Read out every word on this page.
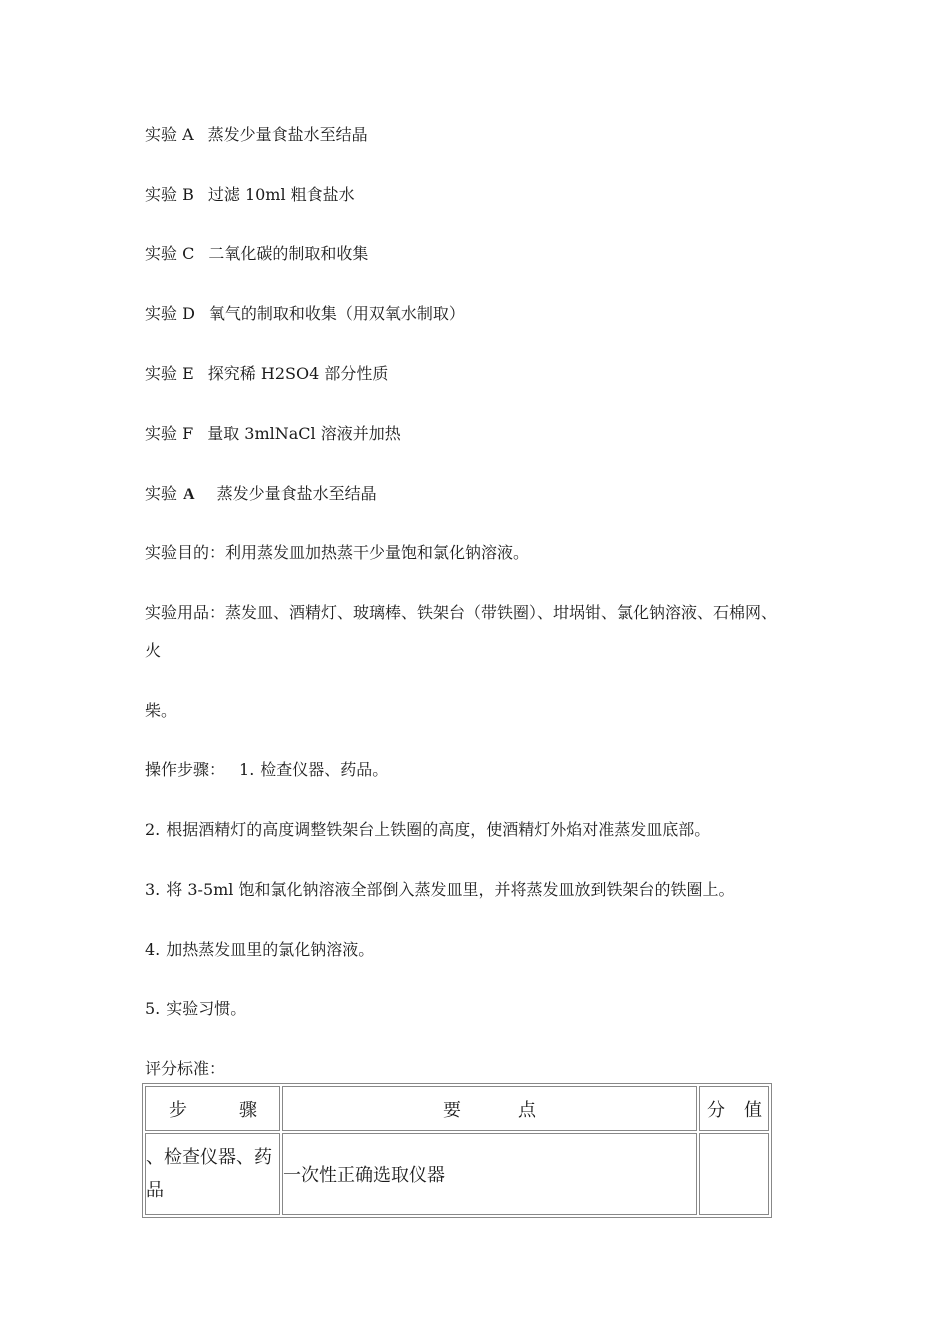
实验 A 蒸发少量食盐水至结晶
实验 B 过滤 10ml 粗食盐水
实验 C 二氧化碳的制取和收集
实验 D 氧气的制取和收集（用双氧水制取）
实验 E 探究稀 H2SO4 部分性质
实验 F 量取 3mlNaCl 溶液并加热
实验 A 蒸发少量食盐水至结晶
实验目的：利用蒸发皿加热蒸干少量饱和氯化钠溶液。
实验用品：蒸发皿、酒精灯、玻璃棒、铁架台（带铁圈）、坩埚钳、氯化钠溶液、石棉网、
火
柴。
操作步骤： 1. 检查仪器、药品。
2. 根据酒精灯的高度调整铁架台上铁圈的高度，使酒精灯外焰对准蒸发皿底部。
3. 将 3-5ml 饱和氯化钠溶液全部倒入蒸发皿里，并将蒸发皿放到铁架台的铁圈上。
4. 加热蒸发皿里的氯化钠溶液。
5. 实验习惯。
评分标准：
步 骤	要 点	分 值

、检查仪器、药品	一次性正确选取仪器	
